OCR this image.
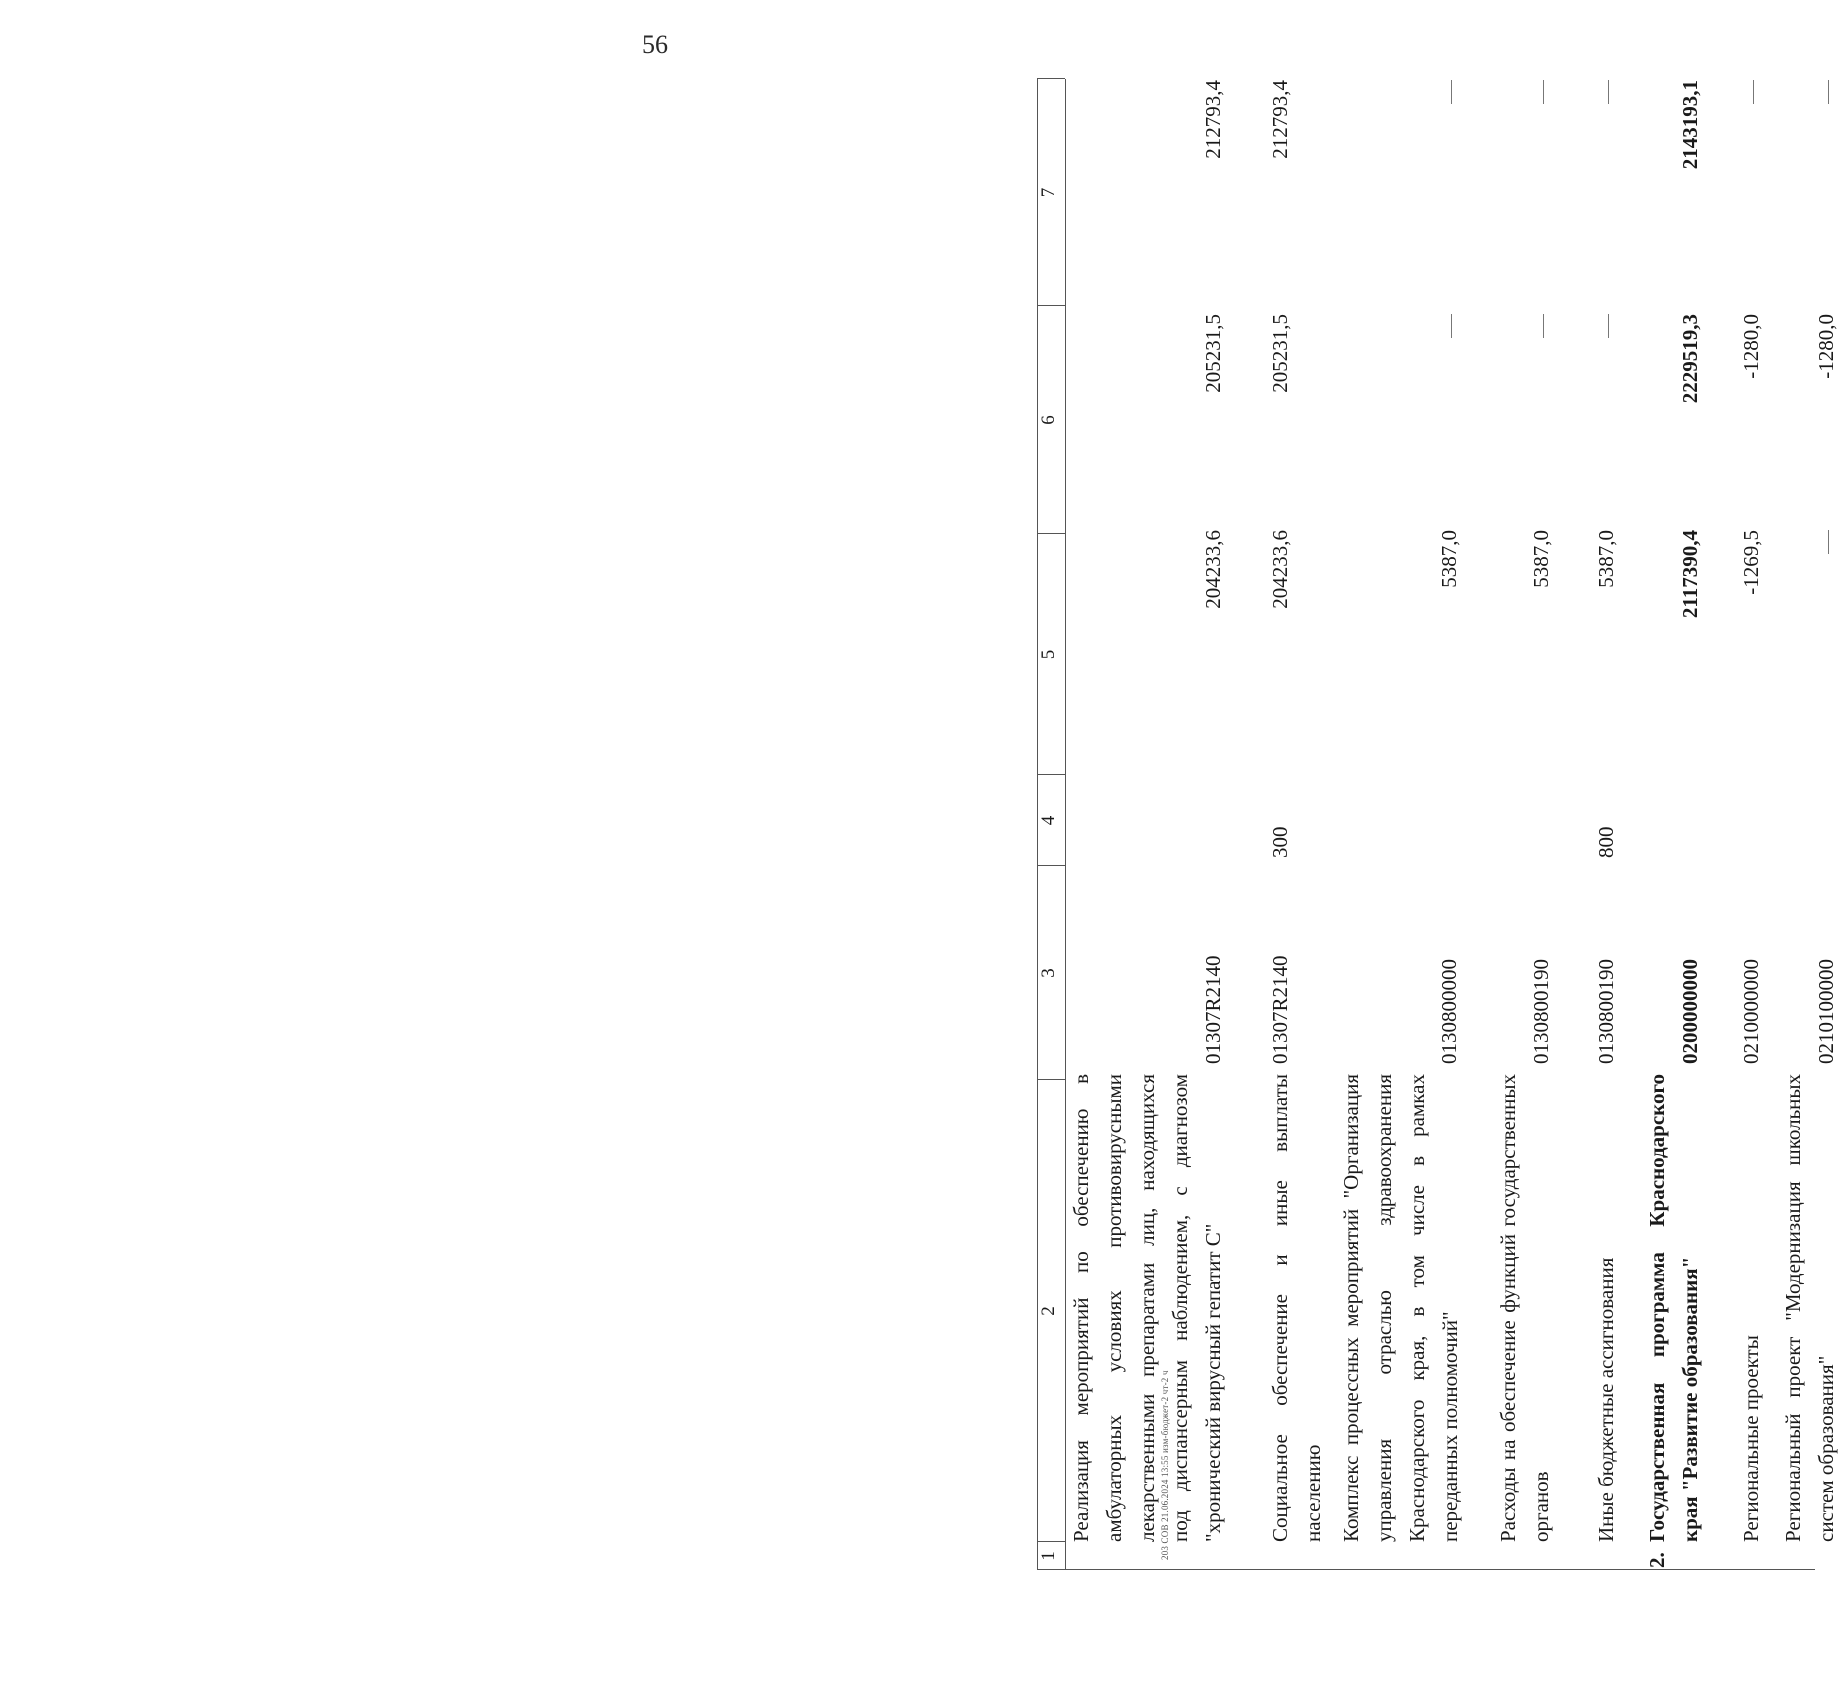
56
203 СОВ 21.06.2024 13:55 изм-бюджет-2 чт-2 ч
1
2
3
4
5
6
7
Реализация мероприятий по обеспечению в амбулаторных условиях противовирусными лекарственными препаратами лиц, находящихся под диспансерным наблюдением, с диагнозом "хронический вирусный гепатит С"
01307R2140
204233,6
205231,5
212793,4
Социальное обеспечение и иные выплаты населению
01307R2140
300
204233,6
205231,5
212793,4
Комплекс процессных мероприятий "Организация управления отраслью здравоохранения Краснодарского края, в том числе в рамках переданных полномочий"
0130800000
5387,0
Расходы на обеспечение функций государственных органов
0130800190
5387,0
Иные бюджетные ассигнования
0130800190
800
5387,0
2.
Государственная программа Краснодарского края "Развитие образования"
0200000000
2117390,4
2229519,3
2143193,1
Региональные проекты
0210000000
-1269,5
-1280,0
Региональный проект "Модернизация школьных систем образования"
0210100000
-1280,0
